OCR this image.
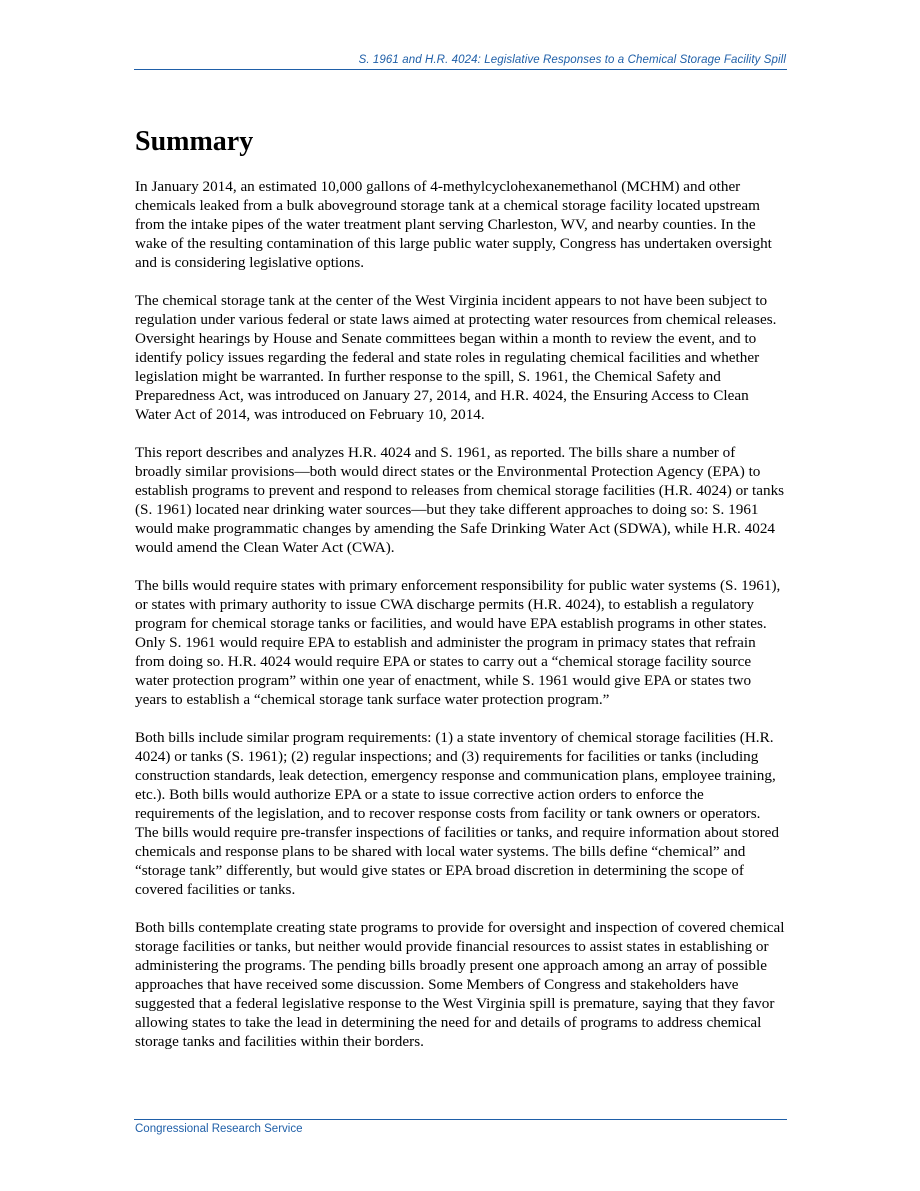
S. 1961 and H.R. 4024: Legislative Responses to a Chemical Storage Facility Spill
Summary

In January 2014, an estimated 10,000 gallons of 4-methylcyclohexanemethanol (MCHM) and other chemicals leaked from a bulk aboveground storage tank at a chemical storage facility located upstream from the intake pipes of the water treatment plant serving Charleston, WV, and nearby counties. In the wake of the resulting contamination of this large public water supply, Congress has undertaken oversight and is considering legislative options.

The chemical storage tank at the center of the West Virginia incident appears to not have been subject to regulation under various federal or state laws aimed at protecting water resources from chemical releases. Oversight hearings by House and Senate committees began within a month to review the event, and to identify policy issues regarding the federal and state roles in regulating chemical facilities and whether legislation might be warranted. In further response to the spill, S. 1961, the Chemical Safety and Preparedness Act, was introduced on January 27, 2014, and H.R. 4024, the Ensuring Access to Clean Water Act of 2014, was introduced on February 10, 2014.

This report describes and analyzes H.R. 4024 and S. 1961, as reported. The bills share a number of broadly similar provisions—both would direct states or the Environmental Protection Agency (EPA) to establish programs to prevent and respond to releases from chemical storage facilities (H.R. 4024) or tanks (S. 1961) located near drinking water sources—but they take different approaches to doing so: S. 1961 would make programmatic changes by amending the Safe Drinking Water Act (SDWA), while H.R. 4024 would amend the Clean Water Act (CWA).

The bills would require states with primary enforcement responsibility for public water systems (S. 1961), or states with primary authority to issue CWA discharge permits (H.R. 4024), to establish a regulatory program for chemical storage tanks or facilities, and would have EPA establish programs in other states. Only S. 1961 would require EPA to establish and administer the program in primacy states that refrain from doing so. H.R. 4024 would require EPA or states to carry out a “chemical storage facility source water protection program” within one year of enactment, while S. 1961 would give EPA or states two years to establish a “chemical storage tank surface water protection program.”

Both bills include similar program requirements: (1) a state inventory of chemical storage facilities (H.R. 4024) or tanks (S. 1961); (2) regular inspections; and (3) requirements for facilities or tanks (including construction standards, leak detection, emergency response and communication plans, employee training, etc.). Both bills would authorize EPA or a state to issue corrective action orders to enforce the requirements of the legislation, and to recover response costs from facility or tank owners or operators. The bills would require pre-transfer inspections of facilities or tanks, and require information about stored chemicals and response plans to be shared with local water systems. The bills define “chemical” and “storage tank” differently, but would give states or EPA broad discretion in determining the scope of covered facilities or tanks.

Both bills contemplate creating state programs to provide for oversight and inspection of covered chemical storage facilities or tanks, but neither would provide financial resources to assist states in establishing or administering the programs. The pending bills broadly present one approach among an array of possible approaches that have received some discussion. Some Members of Congress and stakeholders have suggested that a federal legislative response to the West Virginia spill is premature, saying that they favor allowing states to take the lead in determining the need for and details of programs to address chemical storage tanks and facilities within their borders.

Congressional Research Service
